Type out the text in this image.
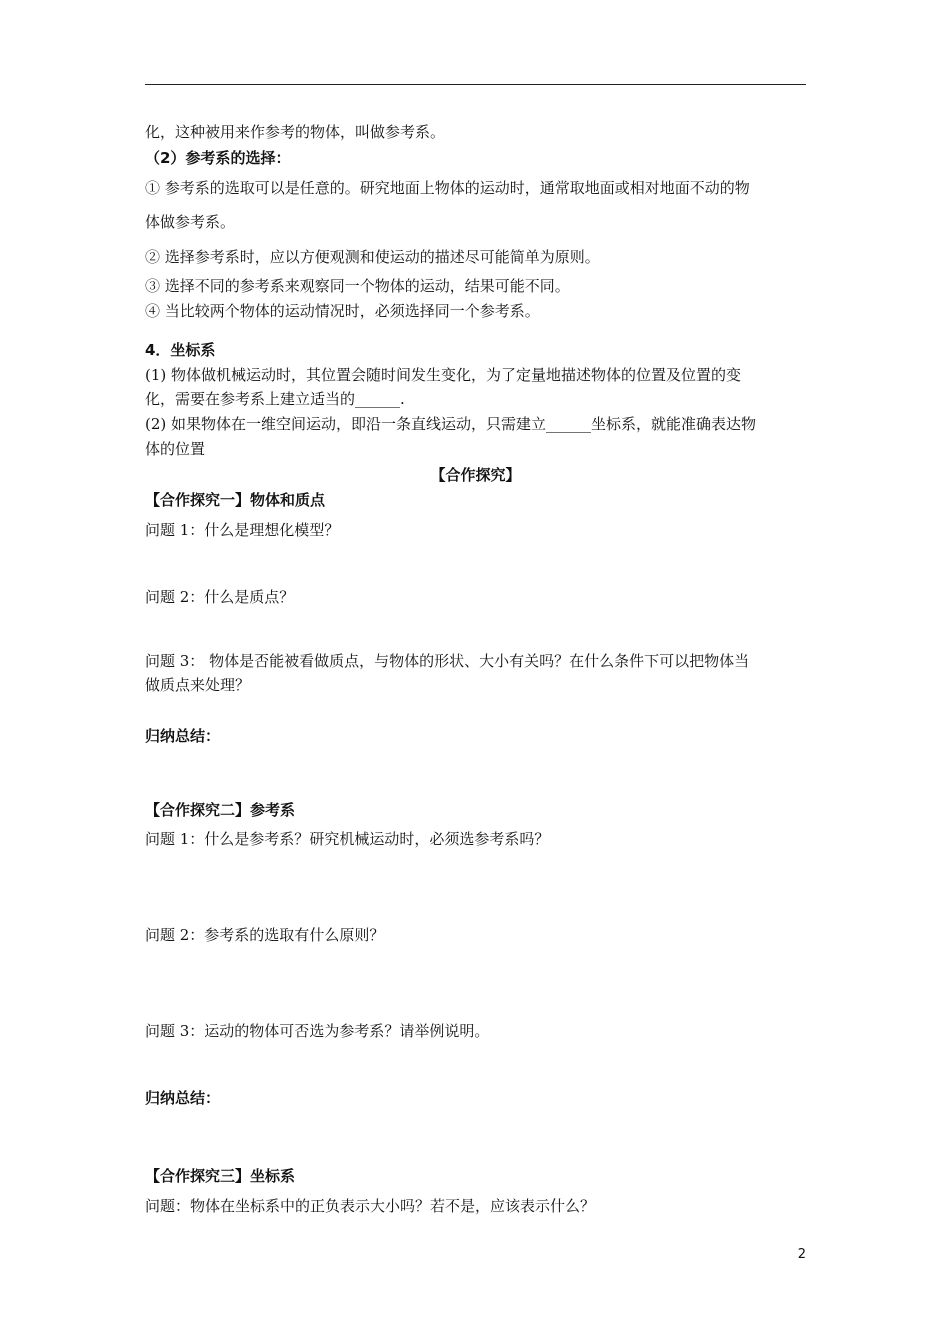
化，这种被用来作参考的物体，叫做参考系。
（2）参考系的选择：
① 参考系的选取可以是任意的。研究地面上物体的运动时，通常取地面或相对地面不动的物
体做参考系。
② 选择参考系时，应以方便观测和使运动的描述尽可能简单为原则。
③ 选择不同的参考系来观察同一个物体的运动，结果可能不同。
④ 当比较两个物体的运动情况时，必须选择同一个参考系。
4．坐标系
(1) 物体做机械运动时，其位置会随时间发生变化，为了定量地描述物体的位置及位置的变
化，需要在参考系上建立适当的______.
(2) 如果物体在一维空间运动，即沿一条直线运动，只需建立______坐标系，就能准确表达物
体的位置
【合作探究】
【合作探究一】物体和质点
问题 1：什么是理想化模型？
问题 2：什么是质点？
问题 3： 物体是否能被看做质点，与物体的形状、大小有关吗？在什么条件下可以把物体当
做质点来处理？
归纳总结：
【合作探究二】参考系
问题 1：什么是参考系？研究机械运动时，必须选参考系吗？
问题 2：参考系的选取有什么原则？
问题 3：运动的物体可否选为参考系？请举例说明。
归纳总结：
【合作探究三】坐标系
问题：物体在坐标系中的正负表示大小吗？若不是，应该表示什么？
2
